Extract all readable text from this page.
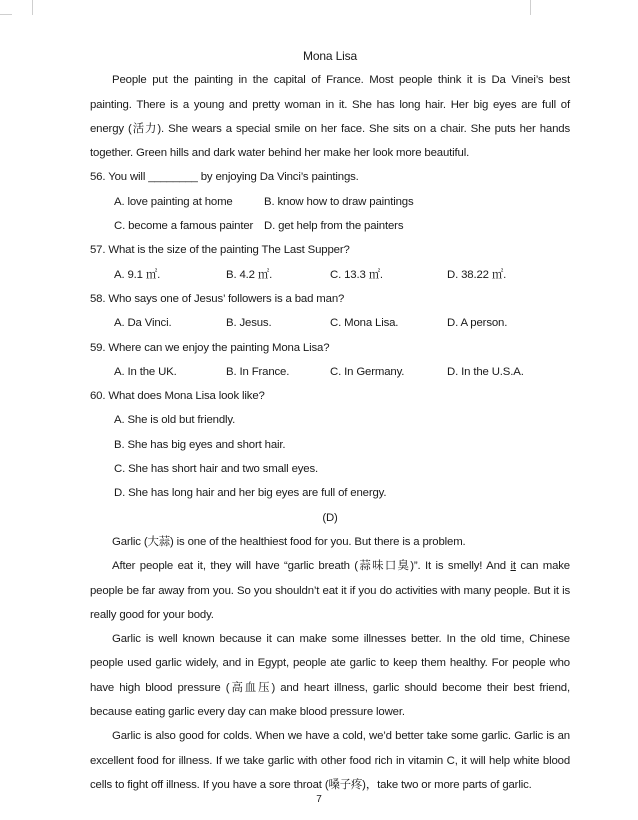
Mona Lisa

People put the painting in the capital of France. Most people think it is Da Vinei’s best painting. There is a young and pretty woman in it. She has long hair. Her big eyes are full of energy (活力). She wears a special smile on her face. She sits on a chair. She puts her hands together. Green hills and dark water behind her make her look more beautiful.

56. You will ________ by enjoying Da Vinci’s paintings.

A. love painting at home	B. know how to draw paintings
C. become a famous painter D. get help from the painters

57. What is the size of the painting The Last Supper?

A. 9.1 ㎡.	B. 4.2 ㎡.	C. 13.3 ㎡.	D. 38.22 ㎡.

58. Who says one of Jesus’ followers is a bad man?

A. Da Vinci.	B. Jesus.	C. Mona Lisa.	D. A person.

59. Where can we enjoy the painting Mona Lisa?

A. In the UK.	B. In France.	C. In Germany.	D. In the U.S.A.

60. What does Mona Lisa look like?

A. She is old but friendly.
B. She has big eyes and short hair.
C. She has short hair and two small eyes.
D. She has long hair and her big eyes are full of energy.

(D)

Garlic (大蒜) is one of the healthiest food for you. But there is a problem.

After people eat it, they will have “garlic breath (蒜味口臭)”. It is smelly! And it can make people be far away from you. So you shouldn’t eat it if you do activities with many people. But it is really good for your body.

Garlic is well known because it can make some illnesses better. In the old time, Chinese people used garlic widely, and in Egypt, people ate garlic to keep them healthy. For people who have high blood pressure (高血压) and heart illness, garlic should become their best friend, because eating garlic every day can make blood pressure lower.

Garlic is also good for colds. When we have a cold, we’d better take some garlic. Garlic is an excellent food for illness. If we take garlic with other food rich in vitamin C, it will help white blood cells to fight off illness. If you have a sore throat (嗓子疼)，take two or more parts of garlic.

7
